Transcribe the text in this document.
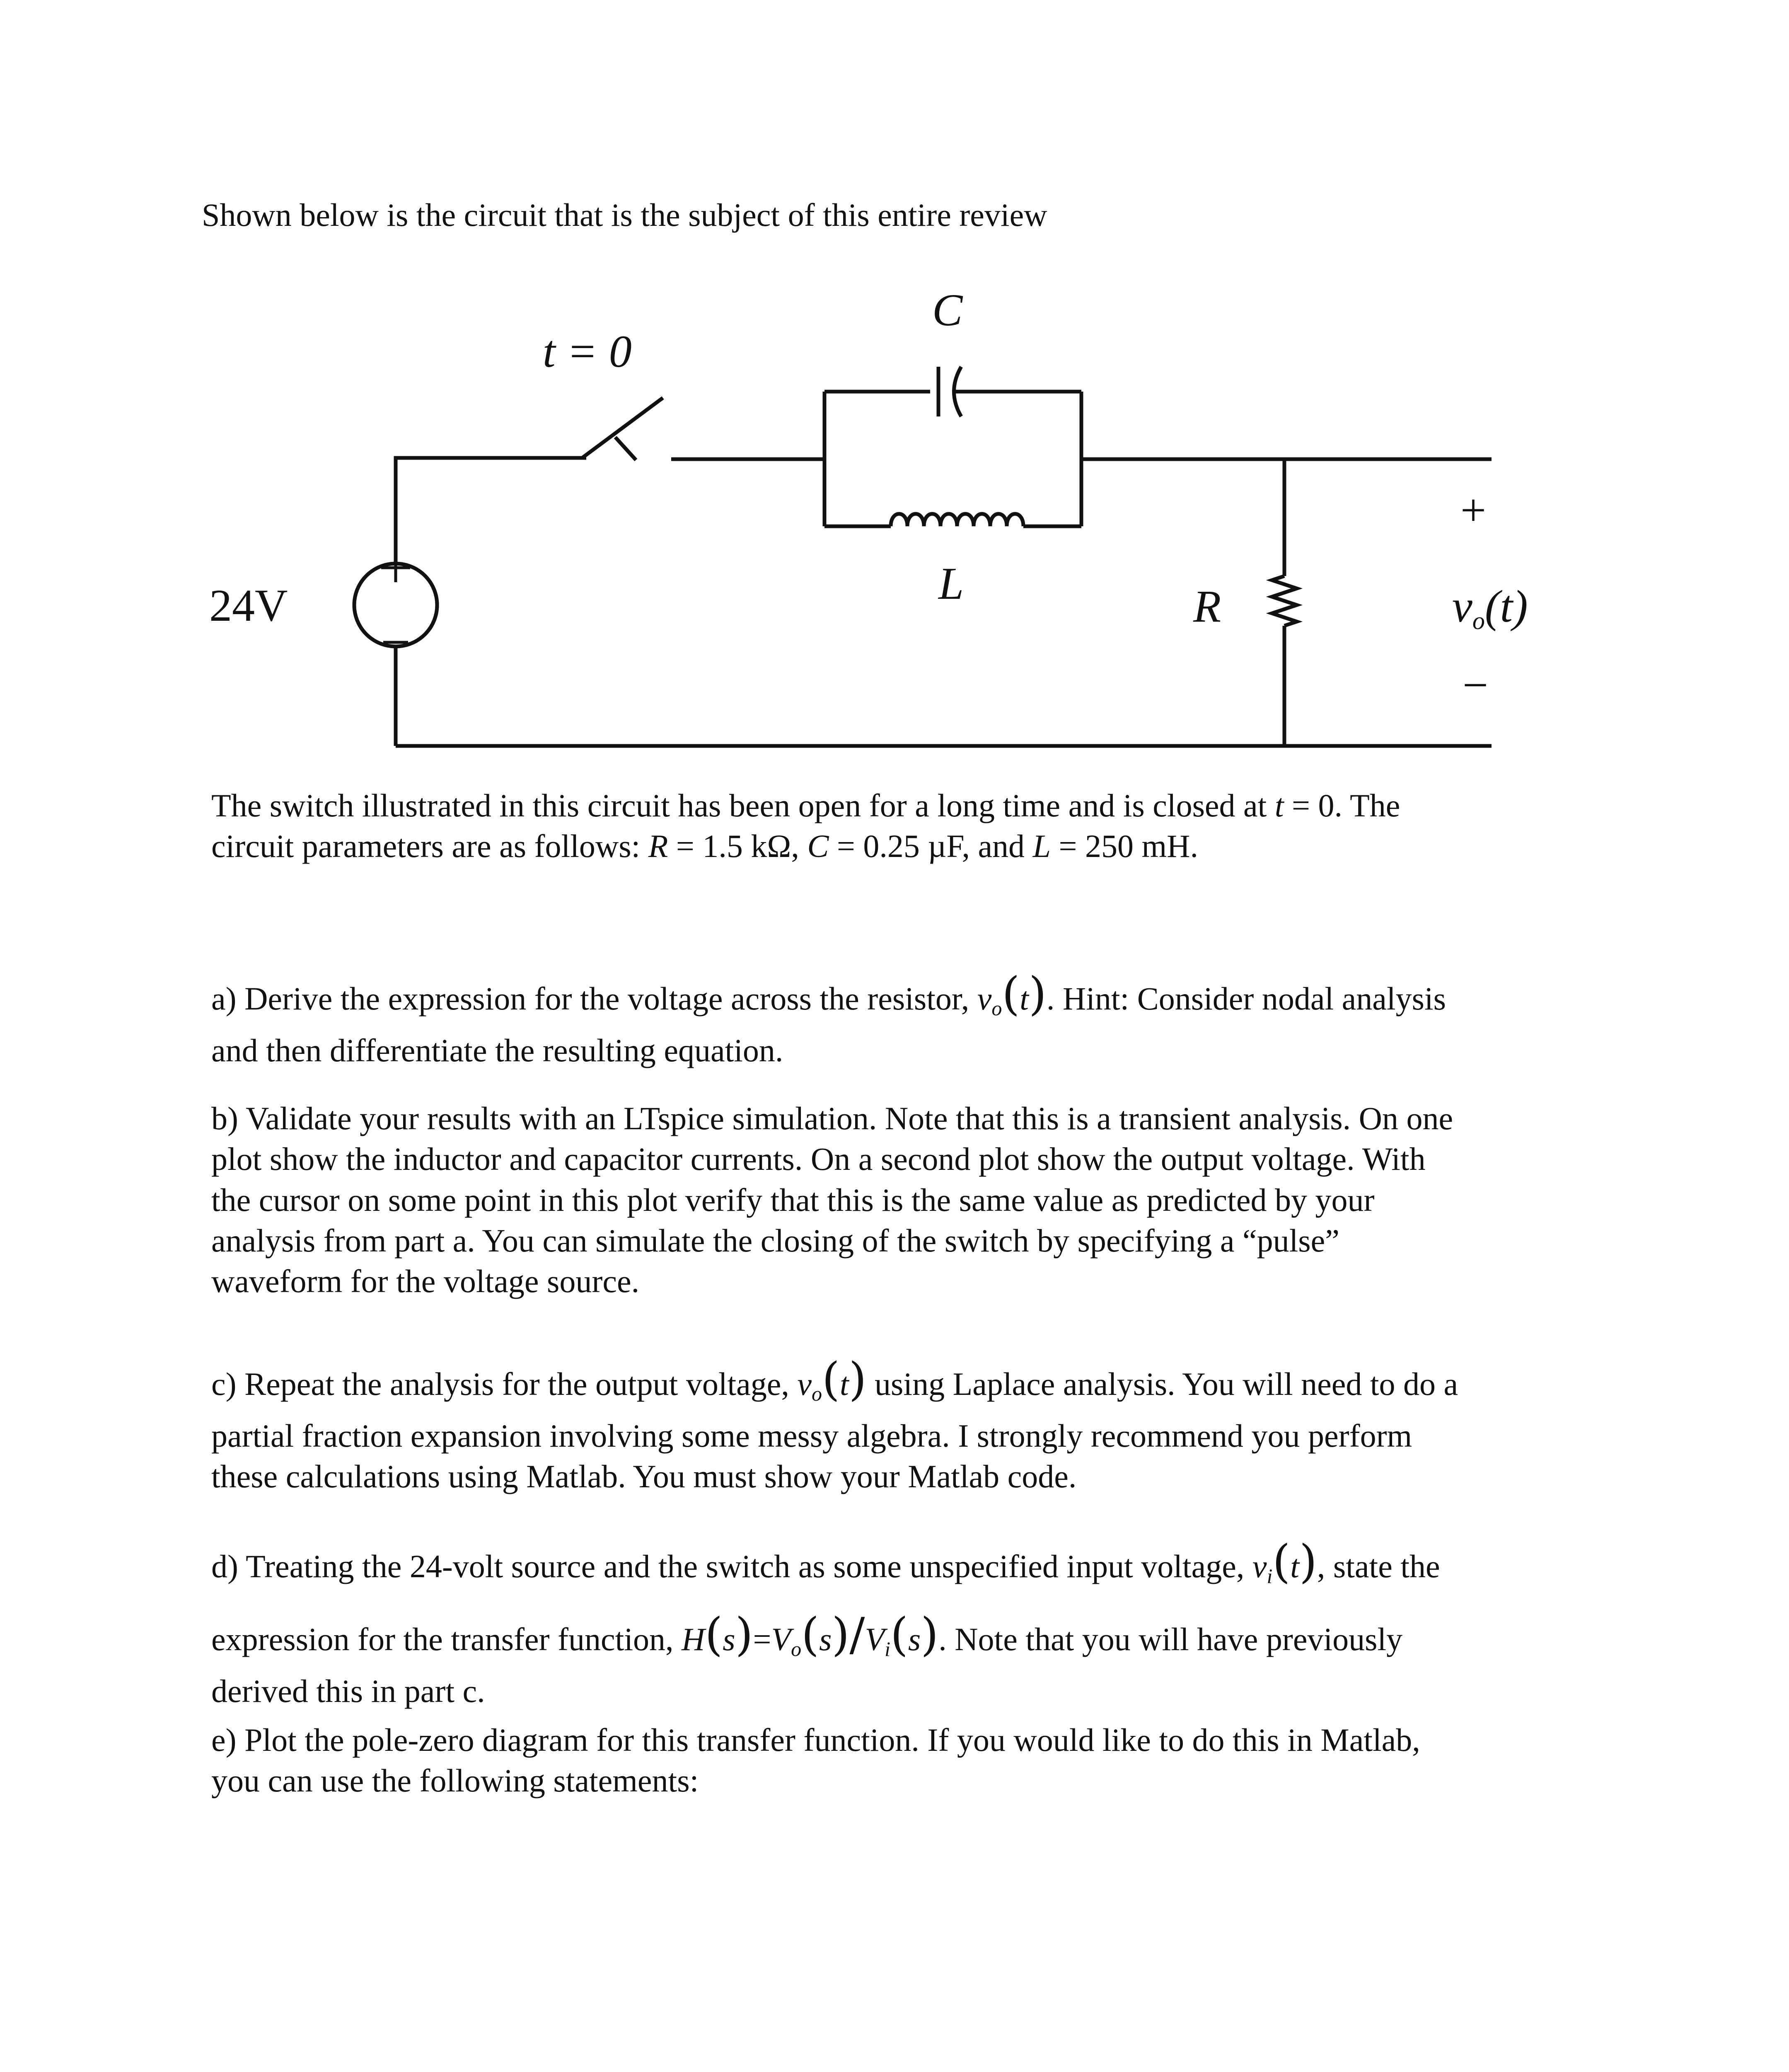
Shown below is the circuit that is the subject of this entire review

24V
t = 0
C
L	R
+
−
vo(t)
The switch illustrated in this circuit has been open for a long time and is closed at t = 0. The
circuit parameters are as follows: R = 1.5 kΩ, C = 0.25 µF, and L = 250 mH.
a) Derive the expression for the voltage across the resistor, $v_o(t)$. Hint: Consider nodal analysis
and then differentiate the resulting equation.
b) Validate your results with an LTspice simulation. Note that this is a transient analysis. On one
plot show the inductor and capacitor currents. On a second plot show the output voltage. With
the cursor on some point in this plot verify that this is the same value as predicted by your
analysis from part a. You can simulate the closing of the switch by specifying a “pulse”
waveform for the voltage source.
c) Repeat the analysis for the output voltage, $v_o(t)$ using Laplace analysis. You will need to do a
partial fraction expansion involving some messy algebra. I strongly recommend you perform
these calculations using Matlab. You must show your Matlab code.
d) Treating the 24-volt source and the switch as some unspecified input voltage, $v_i(t)$, state the
expression for the transfer function, $H(s)=V_o(s)/V_i(s)$. Note that you will have previously
derived this in part c.
e) Plot the pole-zero diagram for this transfer function. If you would like to do this in Matlab,
you can use the following statements:
